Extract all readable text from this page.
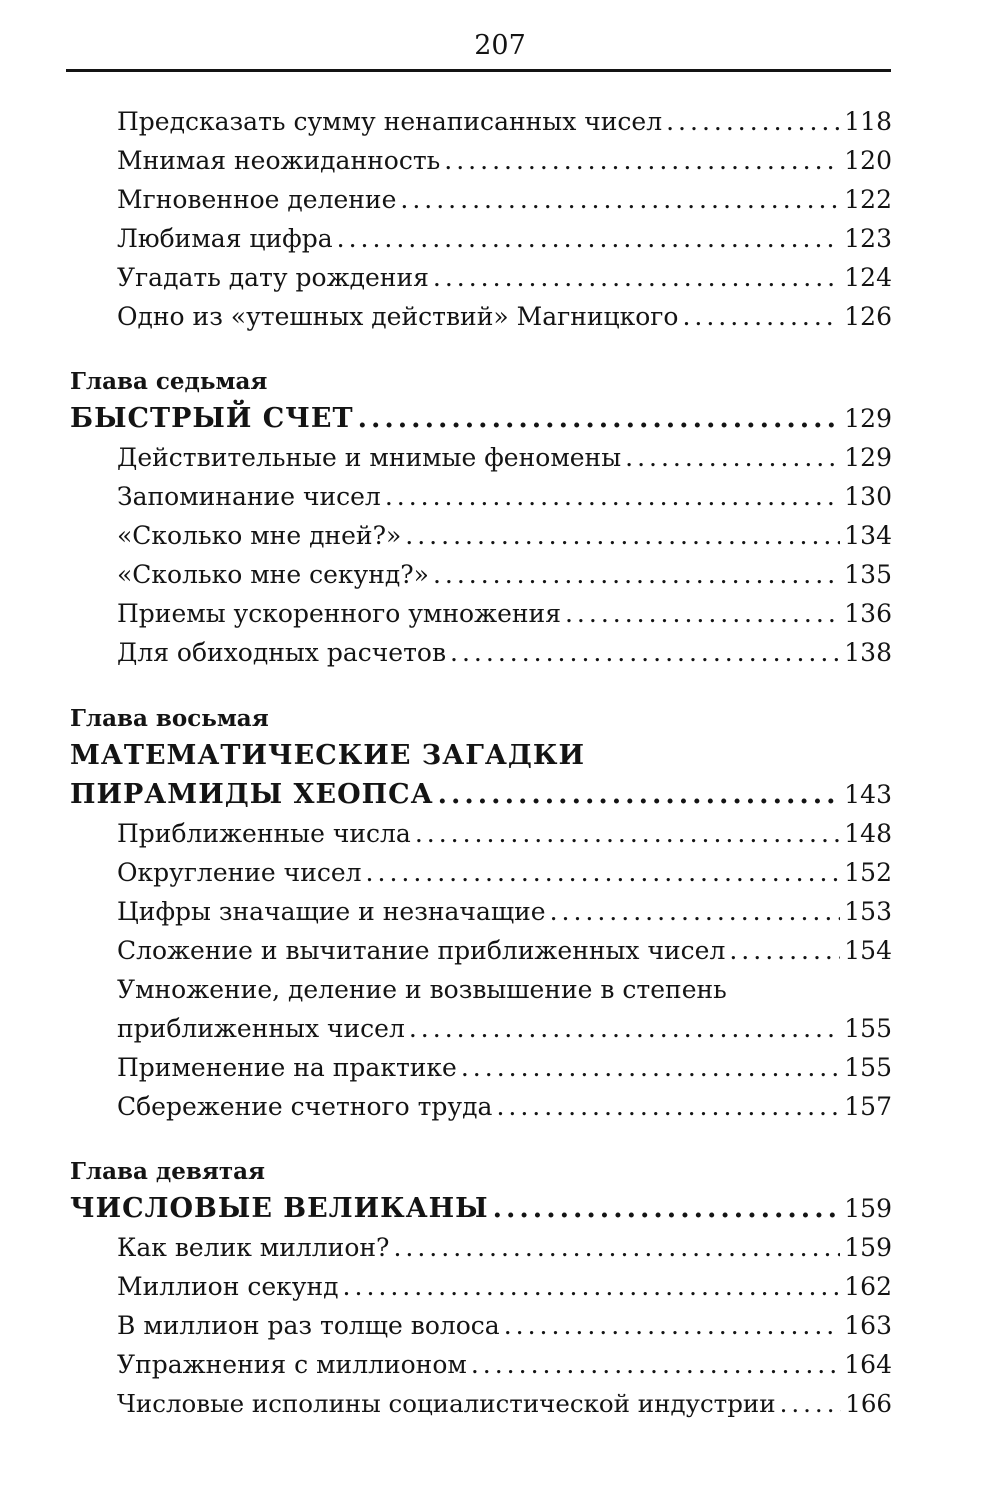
207
Предсказать сумму ненаписанных чисел .....	118
Мнимая неожиданность .....	120
Мгновенное деление .....	122
Любимая цифра .....	123
Угадать дату рождения .....	124
Одно из «утешных действий» Магницкого .....	126
Глава седьмая
БЫСТРЫЙ СЧЕТ .....	129
Действительные и мнимые феномены .....	129
Запоминание чисел .....	130
«Сколько мне дней?» .....	134
«Сколько мне секунд?» .....	135
Приемы ускоренного умножения .....	136
Для обиходных расчетов .....	138
Глава восьмая
МАТЕМАТИЧЕСКИЕ ЗАГАДКИ
ПИРАМИДЫ ХЕОПСА .....	143
Приближенные числа .....	148
Округление чисел .....	152
Цифры значащие и незначащие .....	153
Сложение и вычитание приближенных чисел .....	154
Умножение, деление и возвышение в степень
приближенных чисел .....	155
Применение на практике .....	155
Сбережение счетного труда .....	157
Глава девятая
ЧИСЛОВЫЕ ВЕЛИКАНЫ .....	159
Как велик миллион? .....	159
Миллион секунд .....	162
В миллион раз толще волоса .....	163
Упражнения с миллионом .....	164
Числовые исполины социалистической индустрии .....	166
